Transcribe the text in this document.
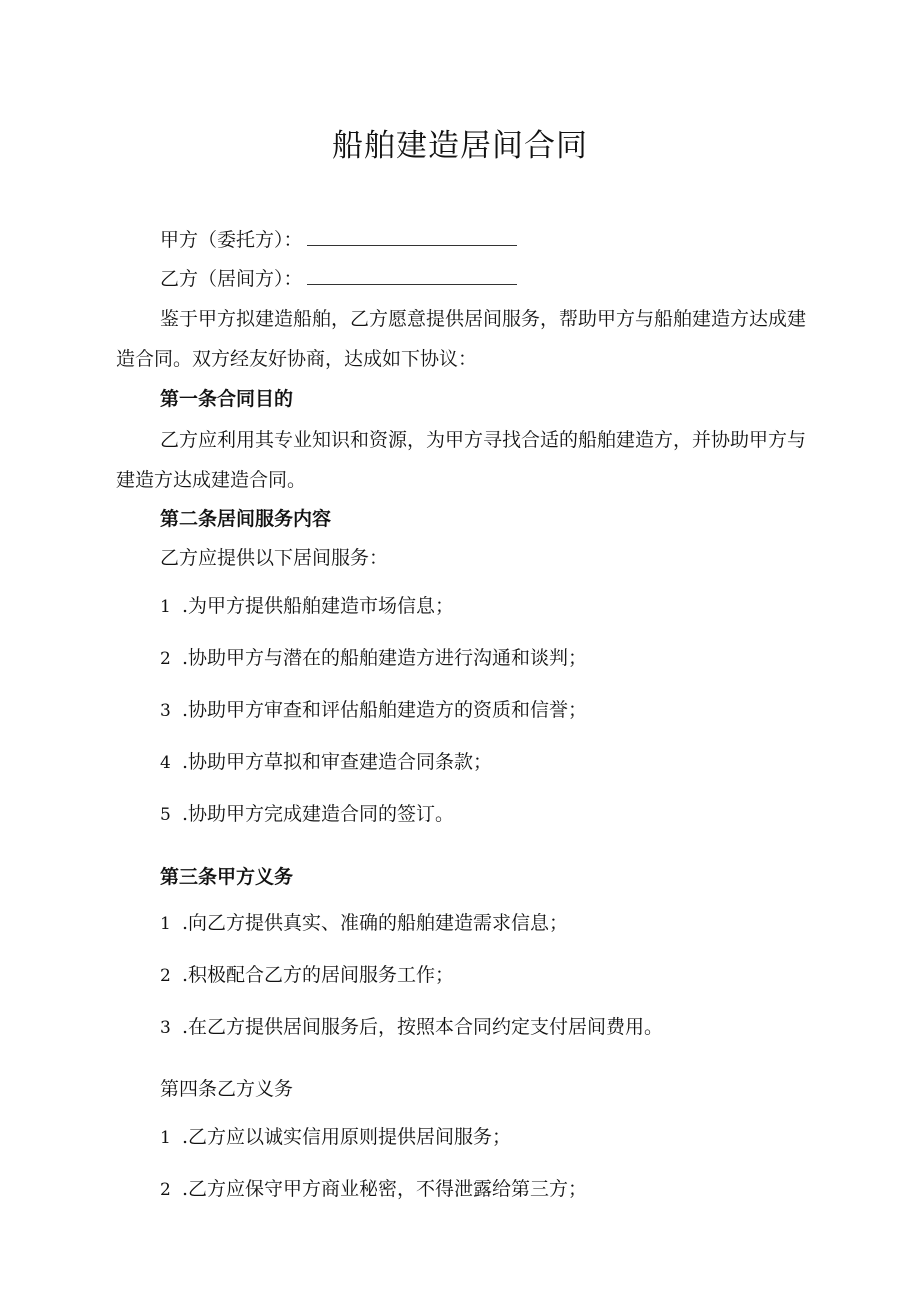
船舶建造居间合同
甲方（委托方）：
乙方（居间方）：
鉴于甲方拟建造船舶，乙方愿意提供居间服务，帮助甲方与船舶建造方达成建造合同。双方经友好协商，达成如下协议：
第一条合同目的
乙方应利用其专业知识和资源，为甲方寻找合适的船舶建造方，并协助甲方与建造方达成建造合同。
第二条居间服务内容
乙方应提供以下居间服务：
1 .为甲方提供船舶建造市场信息；
2 .协助甲方与潜在的船舶建造方进行沟通和谈判；
3 .协助甲方审查和评估船舶建造方的资质和信誉；
4 .协助甲方草拟和审查建造合同条款；
5 .协助甲方完成建造合同的签订。
第三条甲方义务
1 .向乙方提供真实、准确的船舶建造需求信息；
2 .积极配合乙方的居间服务工作；
3 .在乙方提供居间服务后，按照本合同约定支付居间费用。
第四条乙方义务
1 .乙方应以诚实信用原则提供居间服务；
2 .乙方应保守甲方商业秘密，不得泄露给第三方；
